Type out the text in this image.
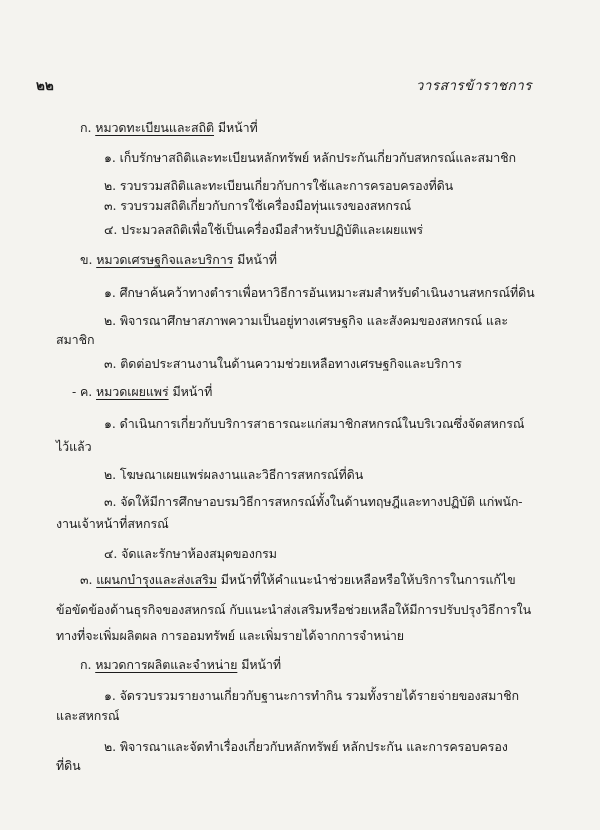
๒๒	วารสารข้าราชการ
ก. หมวดทะเบียนและสถิติ มีหน้าที่
๑. เก็บรักษาสถิติและทะเบียนหลักทรัพย์ หลักประกันเกี่ยวกับสหกรณ์และสมาชิก
๒. รวบรวมสถิติและทะเบียนเกี่ยวกับการใช้และการครอบครองที่ดิน
๓. รวบรวมสถิติเกี่ยวกับการใช้เครื่องมือทุ่นแรงของสหกรณ์
๔. ประมวลสถิติเพื่อใช้เป็นเครื่องมือสำหรับปฏิบัติและเผยแพร่
ข. หมวดเศรษฐกิจและบริการ มีหน้าที่
๑. ศึกษาค้นคว้าทางตำราเพื่อหาวิธีการอันเหมาะสมสำหรับดำเนินงานสหกรณ์ที่ดิน
๒. พิจารณาศึกษาสภาพความเป็นอยู่ทางเศรษฐกิจ และสังคมของสหกรณ์ และ
สมาชิก
๓. ติดต่อประสานงานในด้านความช่วยเหลือทางเศรษฐกิจและบริการ
- ค. หมวดเผยแพร่ มีหน้าที่
๑. ดำเนินการเกี่ยวกับบริการสาธารณะแก่สมาชิกสหกรณ์ในบริเวณซึ่งจัดสหกรณ์
ไว้แล้ว
๒. โฆษณาเผยแพร่ผลงานและวิธีการสหกรณ์ที่ดิน
๓. จัดให้มีการศึกษาอบรมวิธีการสหกรณ์ทั้งในด้านทฤษฎีและทางปฏิบัติ แก่พนัก-
งานเจ้าหน้าที่สหกรณ์
๔. จัดและรักษาห้องสมุดของกรม
๓. แผนกบำรุงและส่งเสริม มีหน้าที่ให้คำแนะนำช่วยเหลือหรือให้บริการในการแก้ไข
ข้อขัดข้องด้านธุรกิจของสหกรณ์ กับแนะนำส่งเสริมหรือช่วยเหลือให้มีการปรับปรุงวิธีการใน
ทางที่จะเพิ่มผลิตผล การออมทรัพย์ และเพิ่มรายได้จากการจำหน่าย
ก. หมวดการผลิตและจำหน่าย มีหน้าที่
๑. จัดรวบรวมรายงานเกี่ยวกับฐานะการทำกิน รวมทั้งรายได้รายจ่ายของสมาชิก
และสหกรณ์
๒. พิจารณาและจัดทำเรื่องเกี่ยวกับหลักทรัพย์ หลักประกัน และการครอบครอง
ที่ดิน
